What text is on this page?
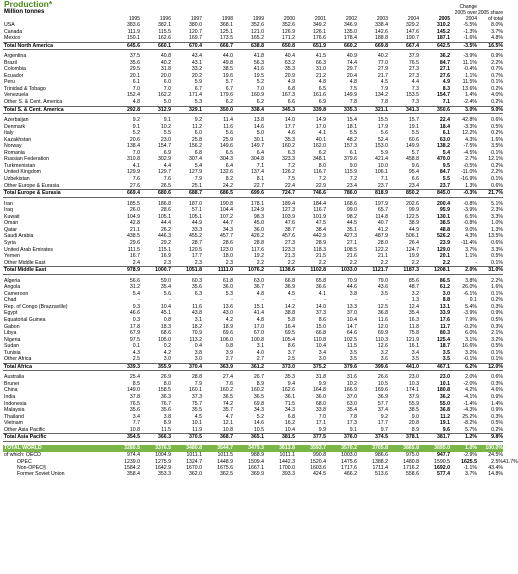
Production*
Million tonnes	1995	1996	1997	1998	1999	2000	2001	2002	2003	2004	2005	Change 2005 over 2004	2005 share of total	
USA	383.6	382.1	380.0	368.1	352.6	352.6	349.2	346.9	338.4	329.2	310.2	-5.5%	8.0%	
Canada	111.9	115.5	120.7	125.1	121.0	126.9	126.1	135.0	142.6	147.6	145.2	-1.3%	3.7%	
Mexico	150.1	162.6	169.7	173.5	165.2	171.2	176.6	178.4	188.8	190.7	187.1	-1.6%	4.8%	
Total North America	645.6	660.1	670.4	666.7	638.8	650.8	651.9	660.2	669.8	667.4	642.5	-3.5%	16.5%	

Argentina	37.5	40.8	43.4	44.0	41.8	40.4	41.5	40.9	40.2	37.9	36.2	-3.9%	0.9%	
Brazil	35.6	40.2	43.1	49.8	56.3	63.2	66.3	74.4	77.0	76.5	84.7	11.1%	2.2%	
Colombia	29.5	31.8	33.2	38.5	41.6	35.3	31.0	29.7	27.9	27.3	27.1	-0.4%	0.7%	
Ecuador	20.1	20.0	20.2	19.6	19.5	20.9	21.2	20.4	21.7	27.3	27.6	1.1%	0.7%	
Peru	6.1	6.0	5.9	5.7	5.2	4.9	4.8	4.8	4.5	4.4	4.9	11.5%	0.1%	
Trinidad & Tobago	7.0	7.0	6.7	6.7	7.0	6.8	6.5	7.5	7.9	7.3	8.3	13.6%	0.2%	
Venezuela	152.4	162.2	171.4	179.6	160.9	167.3	161.6	149.9	134.2	153.5	154.7	1.4%	4.0%	
Other S. & Cent. America	4.8	5.0	5.3	6.2	6.2	6.6	6.9	7.8	7.8	7.3	7.1	-2.4%	0.2%	
Total S. & Cent. America	292.8	312.9	329.1	350.0	338.4	345.3	339.8	335.3	321.1	341.3	350.6	3.0%	9.0%	

Azerbaijan	9.2	9.1	9.2	11.4	13.8	14.0	14.9	15.4	15.5	15.7	22.4	42.8%	0.6%	
Denmark	9.1	10.2	11.2	11.6	14.6	17.7	17.0	18.1	17.9	19.1	18.4	-3.3%	0.5%	
Italy	5.2	5.5	6.0	5.6	5.0	4.6	4.1	5.5	5.6	5.5	6.1	12.2%	0.2%	
Kazakhstan	20.6	23.0	25.8	25.9	30.1	35.3	40.1	48.2	52.4	60.6	63.0	4.3%	1.6%	
Norway	138.4	154.7	156.2	149.6	149.7	160.2	162.0	157.3	153.0	149.9	138.2	-7.5%	3.5%	
Romania	7.0	6.9	6.8	6.5	6.4	6.3	6.2	6.1	5.9	5.7	5.4	-4.5%	0.1%	
Russian Federation	310.8	302.9	307.4	304.3	304.8	323.3	348.1	379.6	421.4	458.8	470.0	2.7%	12.1%	
Turkmenistan	4.1	4.4	5.4	6.4	7.1	7.2	8.0	9.0	10.0	9.6	9.5	-0.5%	0.2%	
United Kingdom	129.9	129.7	127.9	132.6	137.4	126.2	116.7	115.9	106.1	95.4	84.7	-11.0%	2.2%	
Uzbekistan	7.6	7.6	7.9	8.2	8.1	7.5	7.2	7.2	7.1	6.6	5.5	-16.9%	0.1%	
Other Europe & Eurasia	27.6	26.5	25.1	24.2	22.7	22.4	22.9	23.4	23.7	23.4	23.7	1.3%	0.6%	
Total Europe & Eurasia	669.4	680.6	688.7	686.5	699.6	724.7	746.6	786.0	818.9	850.2	845.0	-0.3%	21.7%	

Iran	185.5	186.8	187.0	190.8	178.1	189.4	184.4	168.6	197.9	202.6	200.4	-0.8%	5.1%	
Iraq	26.0	28.6	57.1	104.4	124.9	127.3	116.7	99.0	65.7	99.9	95.9	-3.9%	2.3%	
Kuwait	104.9	105.1	105.1	107.2	98.3	103.9	101.9	98.2	114.8	122.5	130.1	6.5%	3.3%	
Oman	42.8	44.4	44.9	44.7	45.0	47.6	47.5	44.5	40.7	38.9	38.5	-0.8%	1.0%	
Qatar	21.1	26.2	33.3	34.3	36.0	38.7	38.4	35.1	41.2	44.9	48.8	9.0%	1.3%	
Saudi Arabia	438.5	446.3	455.2	457.7	426.2	457.6	442.9	427.3	487.9	506.1	526.2	4.3%	13.5%	
Syria	29.6	29.2	28.7	28.6	28.8	27.3	28.9	27.1	28.0	26.4	23.9	-11.4%	0.6%	
United Arab Emirates	111.5	115.1	120.5	123.0	117.6	123.3	118.3	108.5	122.2	124.7	129.0	3.7%	3.3%	
Yemen	16.7	16.9	17.7	18.0	19.2	21.3	21.5	21.6	21.1	19.9	20.1	1.1%	0.5%	
Other Middle East	2.4	2.3	2.3	2.3	2.2	2.2	2.2	2.2	2.2	2.2	2.2	-	0.1%	
Total Middle East	978.9	1000.7	1051.8	1111.0	1076.2	1138.6	1102.8	1033.0	1121.7	1187.3	1208.1	2.0%	31.0%	

Algeria	56.6	59.0	60.3	61.8	63.0	66.8	65.8	70.9	79.0	85.6	86.5	3.8%	2.2%	
Angola	31.2	35.4	35.6	36.0	36.7	36.9	36.6	44.6	43.6	48.7	61.2	26.0%	1.6%	
Cameroon	5.4	5.6	6.3	5.3	4.8	4.5	4.1	3.8	3.5	3.2	3.0	-6.1%	0.1%	
Chad	-	-	-	-	-	-	-	-	-	1.3	8.8	9.1	0.2%	
Rep. of Congo (Brazzaville)	9.3	10.4	11.6	13.6	15.1	14.2	14.0	13.3	12.5	12.4	13.1	5.4%	0.3%	
Egypt	46.6	45.1	43.8	43.0	41.4	38.8	37.3	37.0	36.8	35.4	33.9	-3.9%	0.9%	
Equatorial Guinea	0.3	0.8	3.1	4.2	4.8	5.8	8.6	10.4	11.6	16.3	17.6	7.9%	0.5%	
Gabon	17.8	18.3	18.2	18.9	17.0	16.4	15.0	14.7	12.0	11.8	11.7	-0.2%	0.3%	
Libya	67.9	68.6	70.9	69.6	67.0	69.5	66.8	64.6	69.9	75.8	80.3	6.0%	2.1%	
Nigeria	97.5	105.0	113.2	106.0	100.8	105.4	110.8	102.5	110.3	121.9	125.4	3.1%	3.2%	
Sudan	0.1	0.2	0.4	0.8	3.1	8.6	10.4	11.5	12.6	16.1	18.7	16.6%	0.5%	
Tunisia	4.3	4.2	3.8	3.9	4.0	3.7	3.4	3.5	3.2	3.4	3.5	3.2%	0.1%	
Other Africa	2.5	3.0	3.0	2.7	2.7	2.5	3.0	3.5	3.6	3.5	3.5	-0.1%	0.1%	
Total Africa	339.3	355.9	370.4	363.9	361.2	373.0	375.2	379.6	399.6	441.0	467.1	6.2%	12.0%	

Australia	25.4	26.9	28.8	27.4	26.7	35.3	31.8	31.6	26.6	23.0	23.0	2.0%	0.6%	
Brunei	8.5	8.0	7.9	7.6	8.9	9.4	9.9	10.2	10.5	10.3	10.1	-2.0%	0.3%	
China	149.0	158.5	160.1	160.2	160.2	162.6	164.8	166.9	169.6	174.1	180.8	4.2%	4.6%	
India	37.8	36.3	37.3	36.5	36.5	36.1	36.0	37.0	36.9	37.9	36.2	-4.1%	0.9%	
Indonesia	76.5	76.7	75.7	74.2	69.8	71.5	68.0	63.0	57.7	55.9	55.0	-1.4%	1.4%	
Malaysia	35.6	35.6	35.5	35.7	34.3	34.3	33.8	35.4	37.4	38.5	36.8	-4.3%	0.9%	
Thailand	3.4	3.8	4.5	4.7	5.2	6.8	7.0	7.8	9.2	9.0	11.2	25.2%	0.3%	
Vietnam	7.7	8.9	10.1	12.1	14.6	16.2	17.1	17.3	17.7	20.8	19.1	-8.2%	0.5%	
Other Asia Pacific	10.8	11.5	11.9	10.8	10.5	10.4	9.9	9.1	9.7	8.9	9.6	5.7%	0.2%	
Total Asia Pacific	354.5	366.3	370.5	368.7	365.1	381.5	377.5	376.0	374.5	378.1	381.7	1.2%	9.8%	

TOTAL WORLD	3280.5	3376.5	3480.8	3544.7	3479.3	3613.8	3593.7	3570.2	3705.8	3865.8	3895.0	1.0%	100.0%	
of which: OECD	974.4	1004.9	1011.1	1011.5	988.9	1011.1	990.8	1003.0	986.6	975.0	947.7	-2.9%	24.5%	
OPEC	1239.0	1275.9	1324.7	1448.9	1509.4	1442.3	1520.4	1475.6	1388.2	1480.8	1590.5	1625.5	2.5%	41.7%
Non-OPEC§	1584.2	1642.9	1670.0	1675.6	1667.1	1700.0	1603.6	1717.6	1711.4	1716.2	1692.0	-1.1%	43.4%	
Former Soviet Union	358.4	353.3	362.0	362.5	369.9	393.3	424.5	466.2	513.6	558.6	577.4	3.7%	14.8%	
